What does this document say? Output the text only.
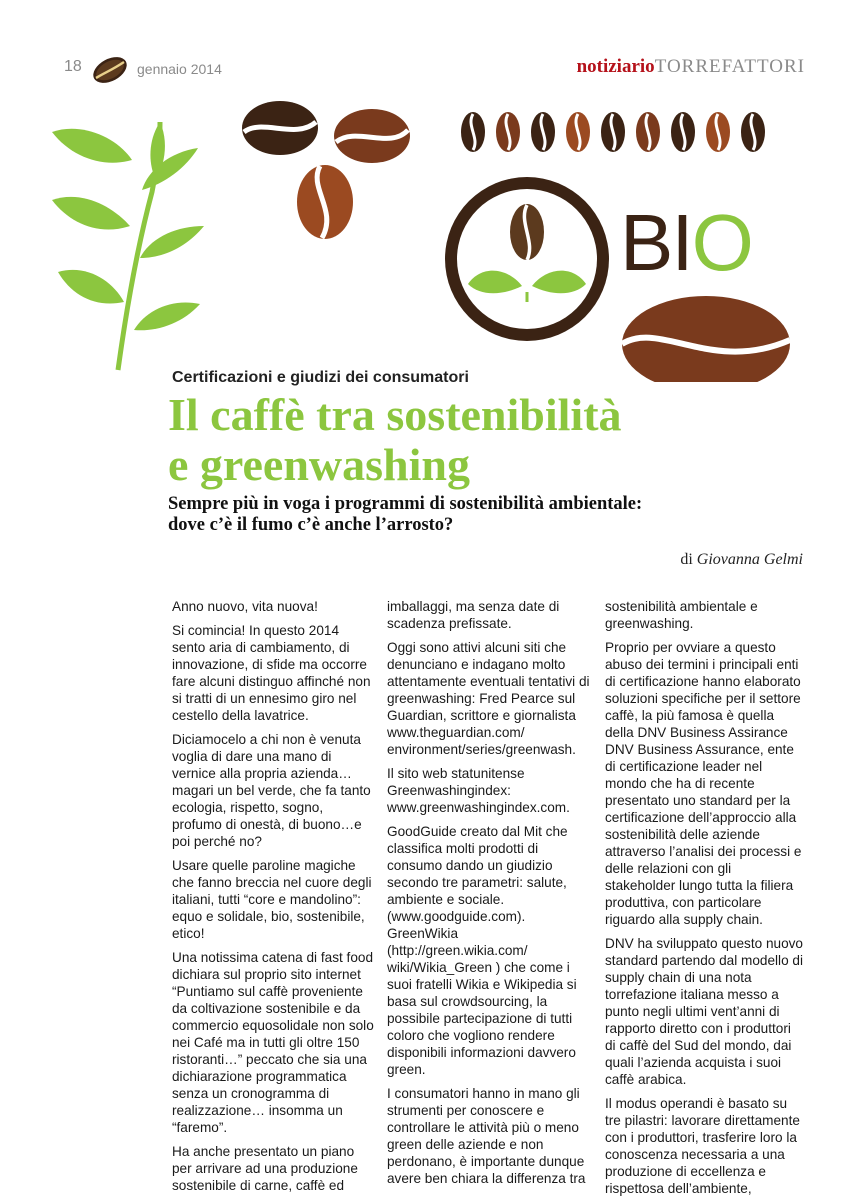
18	gennaio 2014	notiziarioTORREFATTORI
BIO
Certificazioni e giudizi dei consumatori
Il caffè tra sostenibilità
e greenwashing
Sempre più in voga i programmi di sostenibilità ambientale:
dove c’è il fumo c’è anche l’arrosto?
di Giovanna Gelmi

Anno nuovo, vita nuova!

Si comincia! In questo 2014 sento aria di cambiamento, di innovazione, di sfide ma occorre fare alcuni distinguo affinché non si tratti di un ennesimo giro nel cestello della lavatrice.

Diciamocelo a chi non è venuta voglia di dare una mano di vernice alla propria azienda… magari un bel verde, che fa tanto ecologia, rispetto, sogno, profumo di onestà, di buono…e poi perché no?

Usare quelle paroline magiche che fanno breccia nel cuore degli italiani, tutti “core e mandolino”: equo e solidale, bio, sostenibile, etico!

Una notissima catena di fast food dichiara sul proprio sito internet “Puntiamo sul caffè proveniente da coltivazione sostenibile e da commercio equosolidale non solo nei Café ma in tutti gli oltre 150 ristoranti…” peccato che sia una dichiarazione programmatica senza un cronogramma di realizzazione… insomma un “faremo”.

Ha anche presentato un piano per arrivare ad una produzione sostenibile di carne, caffè ed

imballaggi, ma senza date di scadenza prefissate.

Oggi sono attivi alcuni siti che denunciano e indagano molto attentamente eventuali tentativi di greenwashing: Fred Pearce sul Guardian, scrittore e giornalista www.theguardian.com/ environment/series/greenwash.

Il sito web statunitense Greenwashingindex: www.greenwashingindex.com.

GoodGuide creato dal Mit che classifica molti prodotti di consumo dando un giudizio secondo tre parametri: salute, ambiente e sociale. (www.goodguide.com). GreenWikia (http://green.wikia.com/ wiki/Wikia_Green ) che come i suoi fratelli Wikia e Wikipedia si basa sul crowdsourcing, la possibile partecipazione di tutti coloro che vogliono rendere disponibili informazioni davvero green.

I consumatori hanno in mano gli strumenti per conoscere e controllare le attività più o meno green delle aziende e non perdonano, è importante dunque avere ben chiara la differenza tra

sostenibilità ambientale e greenwashing.

Proprio per ovviare a questo abuso dei termini i principali enti di certificazione hanno elaborato soluzioni specifiche per il settore caffè, la più famosa è quella della DNV Business Assirance DNV Business Assurance, ente di certificazione leader nel mondo che ha di recente presentato uno standard per la certificazione dell’approccio alla sostenibilità delle aziende attraverso l’analisi dei processi e delle relazioni con gli stakeholder lungo tutta la filiera produttiva, con particolare riguardo alla supply chain.

DNV ha sviluppato questo nuovo standard partendo dal modello di supply chain di una nota torrefazione italiana messo a punto negli ultimi vent’anni di rapporto diretto con i produttori di caffè del Sud del mondo, dai quali l’azienda acquista i suoi caffè arabica.

Il modus operandi è basato su tre pilastri: lavorare direttamente con i produttori, trasferire loro la conoscenza necessaria a una produzione di eccellenza e rispettosa dell’ambiente,
